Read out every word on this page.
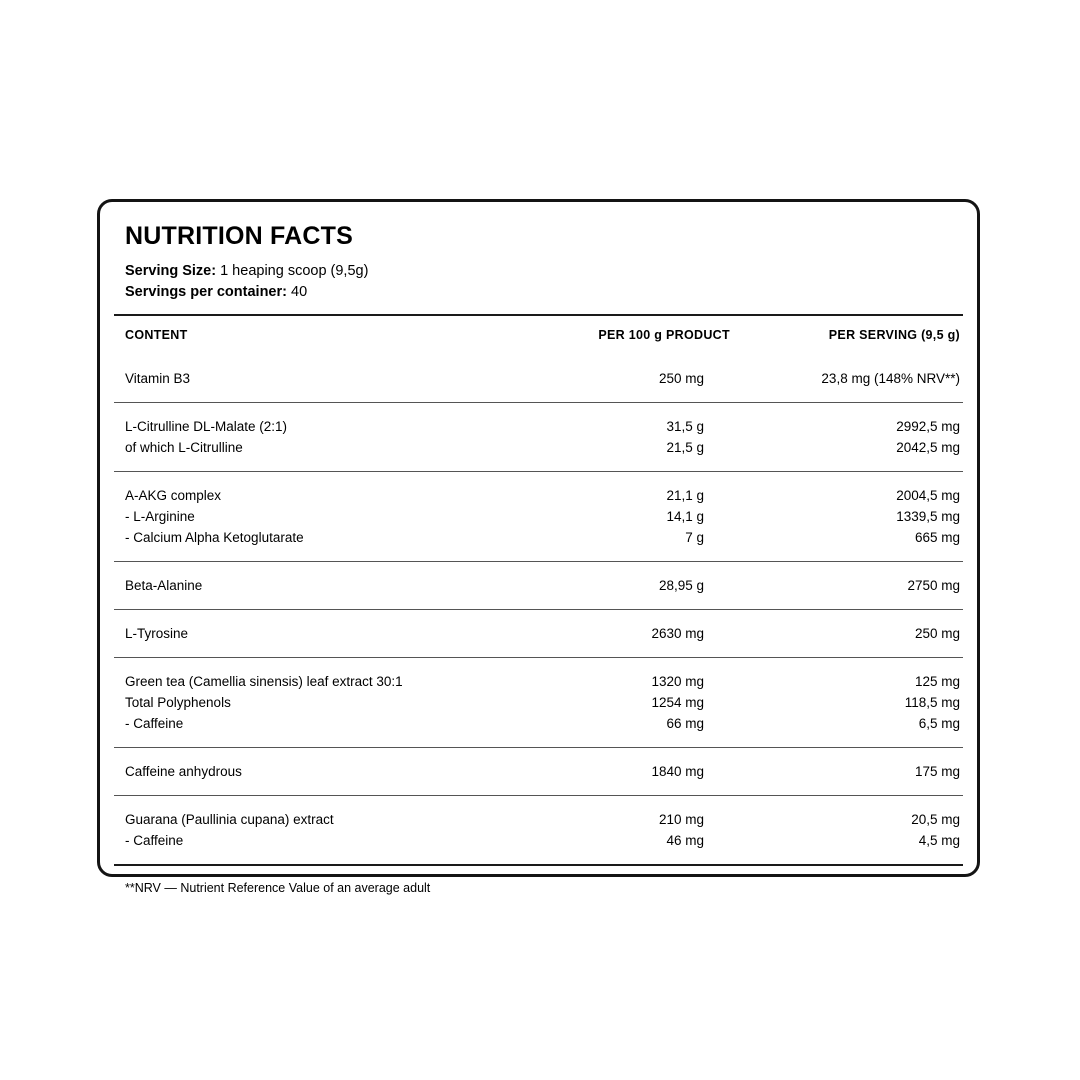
NUTRITION FACTS
Serving Size: 1 heaping scoop (9,5g)
Servings per container: 40
CONTENT	PER 100 g PRODUCT	PER SERVING (9,5 g)
Vitamin B3	250 mg	23,8 mg (148% NRV**)

L-Citrulline DL-Malate (2:1)	31,5 g	2992,5 mg
of which L-Citrulline	21,5 g	2042,5 mg

A-AKG complex	21,1 g	2004,5 mg
- L-Arginine	14,1 g	1339,5 mg
- Calcium Alpha Ketoglutarate	7 g	665 mg

Beta-Alanine	28,95 g	2750 mg

L-Tyrosine	2630 mg	250 mg

Green tea (Camellia sinensis) leaf extract 30:1	1320 mg	125 mg
Total Polyphenols	1254 mg	118,5 mg
- Caffeine	66 mg	6,5 mg

Caffeine anhydrous	1840 mg	175 mg

Guarana (Paullinia cupana) extract	210 mg	20,5 mg
- Caffeine	46 mg	4,5 mg
**NRV — Nutrient Reference Value of an average adult
